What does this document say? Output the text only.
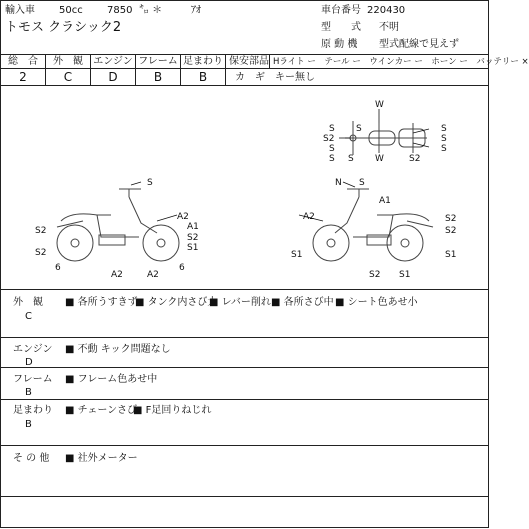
輸入車 50cc 7850 ㌔ ＊	ｱｵ
トモス クラシック2
車台番号 220430
型　　式 不明
原 動 機 型式配線で見えず
総　合	外　観	エンジン フレーム 足まわり
2	C	D	B	B
保安部品 Hライト ー　テール ー　ウインカー ー　ホーン ー　バッテリー ×
カ　ギ　キー無し
W
S2
S
S
S
S
S
S W	S2
S
S
S
A2
A1
S2
S1
S2
S2
6
A2	A2
6
N S
A1
A2	S2
S2
S1
S1
S2 S1
外　観
C
■ 各所うすきず
■ タンク内さび大
■ レバー削れ ■ 各所さび中 ■ シート色あせ小
エンジン
D
■ 不動 キック問題なし
フレーム
B
■ フレーム色あせ中
足まわり
B
■ チェーンさび
■ F足回りねじれ
そ の 他 ■ 社外メーター
